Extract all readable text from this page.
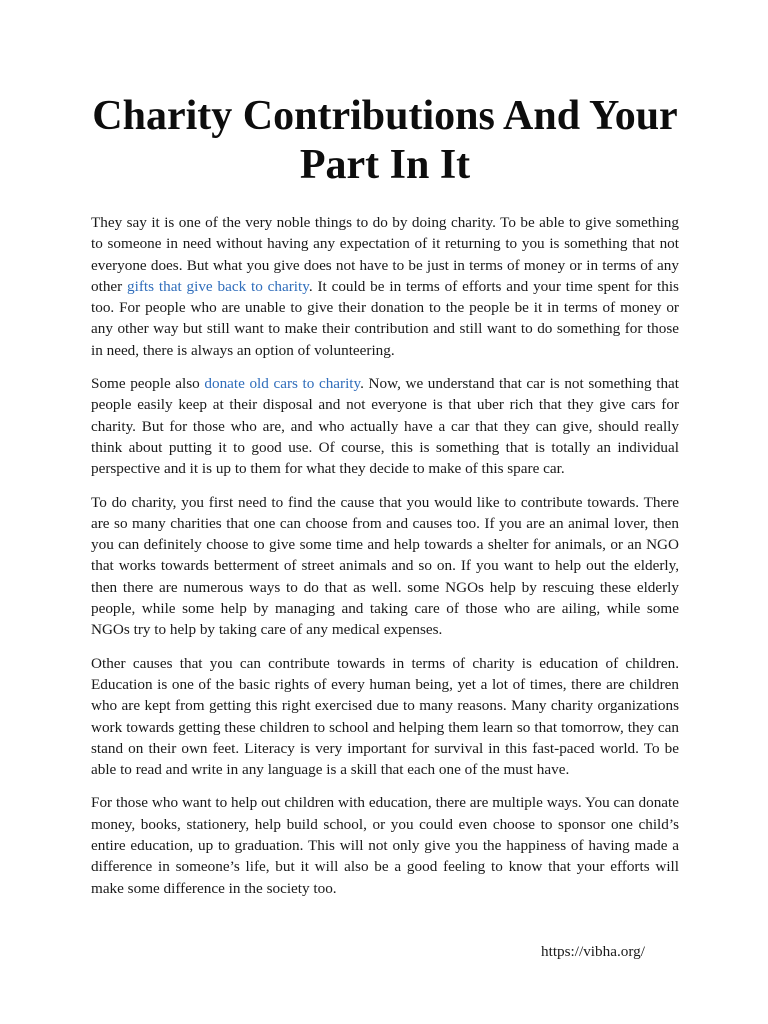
Charity Contributions And Your Part In It

They say it is one of the very noble things to do by doing charity. To be able to give something to someone in need without having any expectation of it returning to you is something that not everyone does. But what you give does not have to be just in terms of money or in terms of any other gifts that give back to charity. It could be in terms of efforts and your time spent for this too. For people who are unable to give their donation to the people be it in terms of money or any other way but still want to make their contribution and still want to do something for those in need, there is always an option of volunteering.

Some people also donate old cars to charity. Now, we understand that car is not something that people easily keep at their disposal and not everyone is that uber rich that they give cars for charity. But for those who are, and who actually have a car that they can give, should really think about putting it to good use. Of course, this is something that is totally an individual perspective and it is up to them for what they decide to make of this spare car.

To do charity, you first need to find the cause that you would like to contribute towards. There are so many charities that one can choose from and causes too. If you are an animal lover, then you can definitely choose to give some time and help towards a shelter for animals, or an NGO that works towards betterment of street animals and so on. If you want to help out the elderly, then there are numerous ways to do that as well. some NGOs help by rescuing these elderly people, while some help by managing and taking care of those who are ailing, while some NGOs try to help by taking care of any medical expenses.

Other causes that you can contribute towards in terms of charity is education of children. Education is one of the basic rights of every human being, yet a lot of times, there are children who are kept from getting this right exercised due to many reasons. Many charity organizations work towards getting these children to school and helping them learn so that tomorrow, they can stand on their own feet. Literacy is very important for survival in this fast-paced world. To be able to read and write in any language is a skill that each one of the must have.

For those who want to help out children with education, there are multiple ways. You can donate money, books, stationery, help build school, or you could even choose to sponsor one child’s entire education, up to graduation. This will not only give you the happiness of having made a difference in someone’s life, but it will also be a good feeling to know that your efforts will make some difference in the society too.

https://vibha.org/
